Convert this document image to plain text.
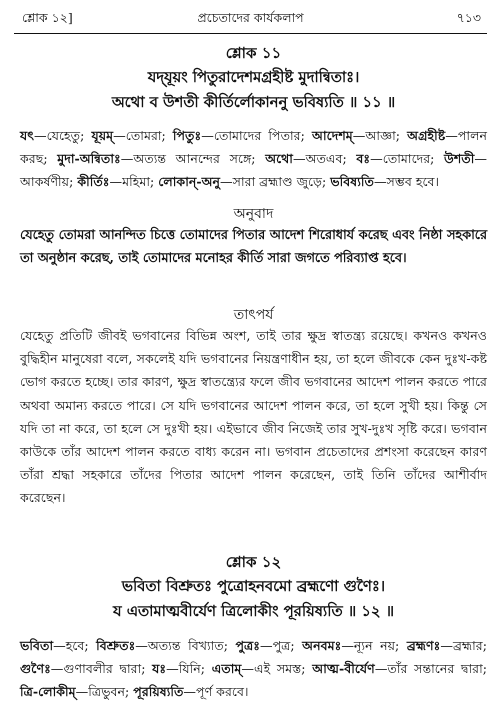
শ্লোক ১২]	প্রচেতাদের কার্যকলাপ	৭১৩
শ্লোক ১১
যদ্‌যূয়ং পিতুরাদেশমগ্রহীষ্ট মুদান্বিতাঃ।
অথো ব উশতী কীর্তির্লোকাননু ভবিষ্যতি ॥ ১১ ॥
যৎ—যেহেতু; যূয়ম্—তোমরা; পিতুঃ—তোমাদের পিতার; আদেশম্—আজ্ঞা; অগ্রহীষ্ট—পালন করছ; মুদা-অন্বিতাঃ—অত্যন্ত আনন্দের সঙ্গে; অথো—অতএব; বঃ—তোমাদের; উশতী—আকর্ষণীয়; কীর্তিঃ—মহিমা; লোকান্-অনু—সারা ব্রহ্মাণ্ড জুড়ে; ভবিষ্যতি—সম্ভব হবে।
অনুবাদ
যেহেতু তোমরা আনন্দিত চিত্তে তোমাদের পিতার আদেশ শিরোধার্য করেছ এবং নিষ্ঠা সহকারে তা অনুষ্ঠান করেছ, তাই তোমাদের মনোহর কীর্তি সারা জগতে পরিব্যাপ্ত হবে।
তাৎপর্য
যেহেতু প্রতিটি জীবই ভগবানের বিভিন্ন অংশ, তাই তার ক্ষুদ্র স্বাতন্ত্র্য রয়েছে। কখনও কখনও বুদ্ধিহীন মানুষেরা বলে, সকলেই যদি ভগবানের নিয়ন্ত্রণাধীন হয়, তা হলে জীবকে কেন দুঃখ-কষ্ট ভোগ করতে হচ্ছে। তার কারণ, ক্ষুদ্র স্বাতন্ত্র্যের ফলে জীব ভগবানের আদেশ পালন করতে পারে অথবা অমান্য করতে পারে। সে যদি ভগবানের আদেশ পালন করে, তা হলে সুখী হয়। কিন্তু সে যদি তা না করে, তা হলে সে দুঃখী হয়। এইভাবে জীব নিজেই তার সুখ-দুঃখ সৃষ্টি করে। ভগবান কাউকে তাঁর আদেশ পালন করতে বাধ্য করেন না। ভগবান প্রচেতাদের প্রশংসা করেছেন কারণ তাঁরা শ্রদ্ধা সহকারে তাঁদের পিতার আদেশ পালন করেছেন, তাই তিনি তাঁদের আশীর্বাদ করেছেন।
শ্লোক ১২
ভবিতা বিশ্রুতঃ পুত্রোহনবমো ব্রহ্মণো গুণৈঃ।
য এতামাত্মবীর্যেণ ত্রিলোকীং পূরয়িষ্যতি ॥ ১২ ॥
ভবিতা—হবে; বিশ্রুতঃ—অত্যন্ত বিখ্যাত; পুত্রঃ—পুত্র; অনবমঃ—ন্যূন নয়; ব্রহ্মণঃ—ব্রহ্মার; গুণৈঃ—গুণাবলীর দ্বারা; যঃ—যিনি; এতাম্—এই সমস্ত; আত্ম-বীর্যেণ—তাঁর সন্তানের দ্বারা; ত্রি-লোকীম্—ত্রিভুবন; পূরয়িষ্যতি—পূর্ণ করবে।
